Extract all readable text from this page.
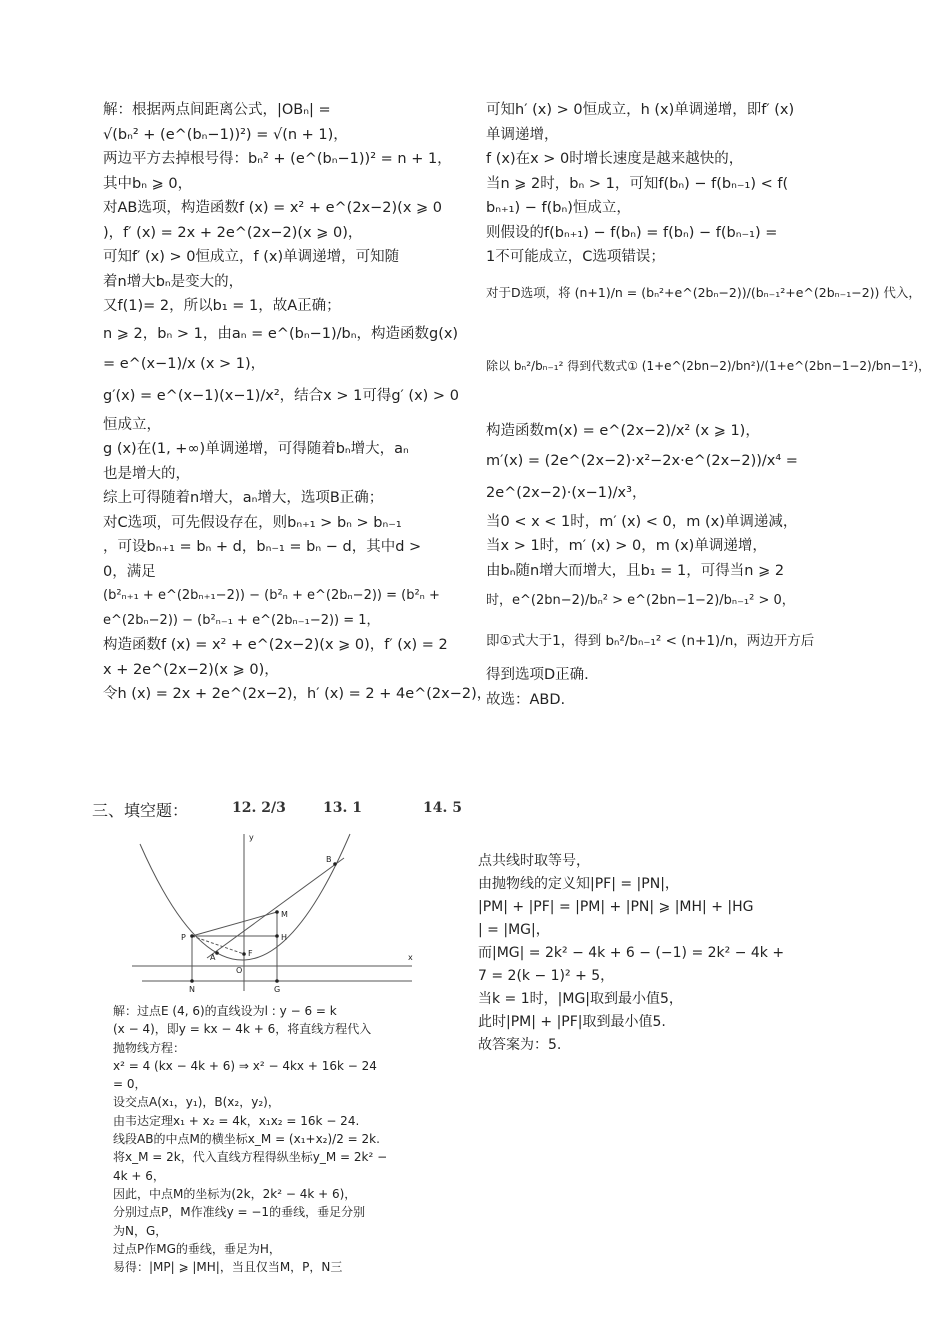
解：根据两点间距离公式，|OBₙ| =
√(bₙ² + (e^(bₙ−1))²) = √(n + 1)，
两边平方去掉根号得：bₙ² + (e^(bₙ−1))² = n + 1，
其中bₙ ⩾ 0，
对AB选项，构造函数f (x) = x² + e^(2x−2)(x ⩾ 0
)，f′ (x) = 2x + 2e^(2x−2)(x ⩾ 0)，
可知f′ (x) > 0恒成立，f (x)单调递增，可知随
着n增大bₙ是变大的，
又f(1)= 2，所以b₁ = 1，故A正确；
n ⩾ 2，bₙ > 1，由aₙ = e^(bₙ−1)/bₙ，构造函数g(x)
= e^(x−1)/x (x > 1)，
g′(x) = e^(x−1)(x−1)/x²，结合x > 1可得g′ (x) > 0
恒成立，
g (x)在(1, +∞)单调递增，可得随着bₙ增大，aₙ
也是增大的，
综上可得随着n增大，aₙ增大，选项B正确；
对C选项，可先假设存在，则bₙ₊₁ > bₙ > bₙ₋₁
，可设bₙ₊₁ = bₙ + d，bₙ₋₁ = bₙ − d，其中d >
0，满足
(b²ₙ₊₁ + e^(2bₙ₊₁−2)) − (b²ₙ + e^(2bₙ−2)) = (b²ₙ +
e^(2bₙ−2)) − (b²ₙ₋₁ + e^(2bₙ₋₁−2)) = 1，
构造函数f (x) = x² + e^(2x−2)(x ⩾ 0)，f′ (x) = 2
x + 2e^(2x−2)(x ⩾ 0)，
令h (x) = 2x + 2e^(2x−2)，h′ (x) = 2 + 4e^(2x−2)，
可知h′ (x) > 0恒成立，h (x)单调递增，即f′ (x)
单调递增，
f (x)在x > 0时增长速度是越来越快的，
当n ⩾ 2时，bₙ > 1，可知f(bₙ) − f(bₙ₋₁) < f(
bₙ₊₁) − f(bₙ)恒成立，
则假设的f(bₙ₊₁) − f(bₙ) = f(bₙ) − f(bₙ₋₁) =
1不可能成立，C选项错误；
对于D选项，将 (n+1)/n = (bₙ²+e^(2bₙ−2))/(bₙ₋₁²+e^(2bₙ₋₁−2)) 代入，
除以 bₙ²/bₙ₋₁² 得到代数式① (1+e^(2bn−2)/bn²)/(1+e^(2bn−1−2)/bn−1²)，
构造函数m(x) = e^(2x−2)/x² (x ⩾ 1)，
m′(x) = (2e^(2x−2)·x²−2x·e^(2x−2))/x⁴ =
2e^(2x−2)·(x−1)/x³，
当0 < x < 1时，m′ (x) < 0，m (x)单调递减，
当x > 1时，m′ (x) > 0，m (x)单调递增，
由bₙ随n增大而增大，且b₁ = 1，可得当n ⩾ 2
时，e^(2bn−2)/bₙ² > e^(2bn−1−2)/bₙ₋₁² > 0，
即①式大于1，得到 bₙ²/bₙ₋₁² < (n+1)/n，两边开方后
得到选项D正确.
故选：ABD.
三、填空题：	12. 2/3	13. 1	14. 5
y
x
B
M
H
P
A	F
O
N	G
解：过点E (4, 6)的直线设为l : y − 6 = k
(x − 4)，即y = kx − 4k + 6，将直线方程代入
抛物线方程：
x² = 4 (kx − 4k + 6) ⇒ x² − 4kx + 16k − 24
= 0，
设交点A(x₁，y₁)，B(x₂，y₂)，
由韦达定理x₁ + x₂ = 4k，x₁x₂ = 16k − 24.
线段AB的中点M的横坐标x_M = (x₁+x₂)/2 = 2k.
将x_M = 2k，代入直线方程得纵坐标y_M = 2k² −
4k + 6，
因此，中点M的坐标为(2k，2k² − 4k + 6)，
分别过点P，M作准线y = −1的垂线，垂足分别
为N，G，
过点P作MG的垂线，垂足为H，
易得：|MP| ⩾ |MH|，当且仅当M，P，N三
点共线时取等号，
由抛物线的定义知|PF| = |PN|，
|PM| + |PF| = |PM| + |PN| ⩾ |MH| + |HG
| = |MG|，
而|MG| = 2k² − 4k + 6 − (−1) = 2k² − 4k +
7 = 2(k − 1)² + 5，
当k = 1时，|MG|取到最小值5，
此时|PM| + |PF|取到最小值5.
故答案为：5.
